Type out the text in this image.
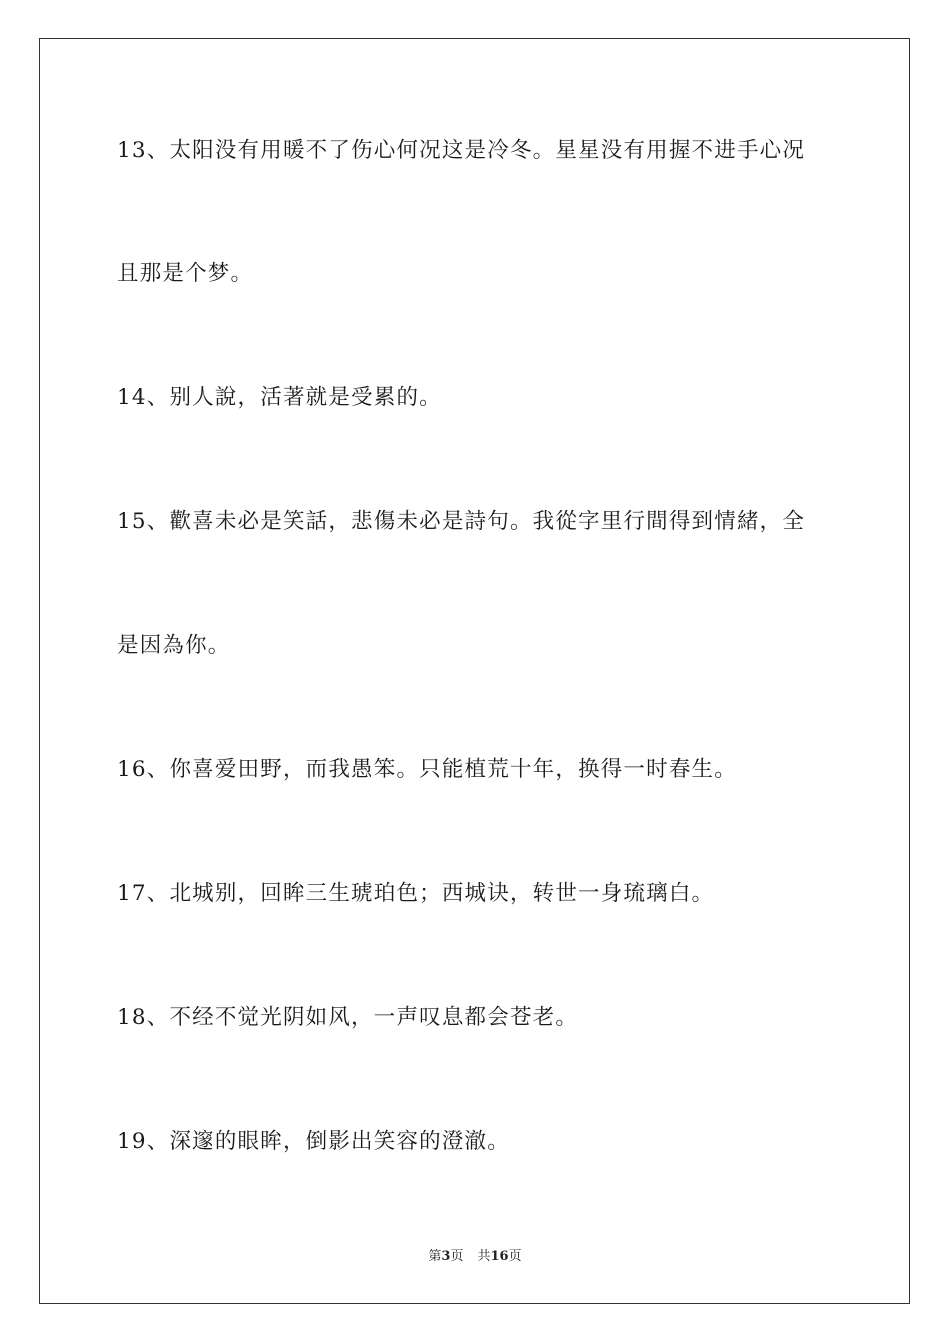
13、太阳没有用暖不了伤心何况这是冷冬。星星没有用握不进手心况
且那是个梦。
14、别人說，活著就是受累的。
15、歡喜未必是笑話，悲傷未必是詩句。我從字里行間得到情緒，全
是因為你。
16、你喜爱田野，而我愚笨。只能植荒十年，换得一时春生。
17、北城别，回眸三生琥珀色；西城诀，转世一身琉璃白。
18、不经不觉光阴如风，一声叹息都会苍老。
19、深邃的眼眸，倒影出笑容的澄澈。
第3页 共16页
